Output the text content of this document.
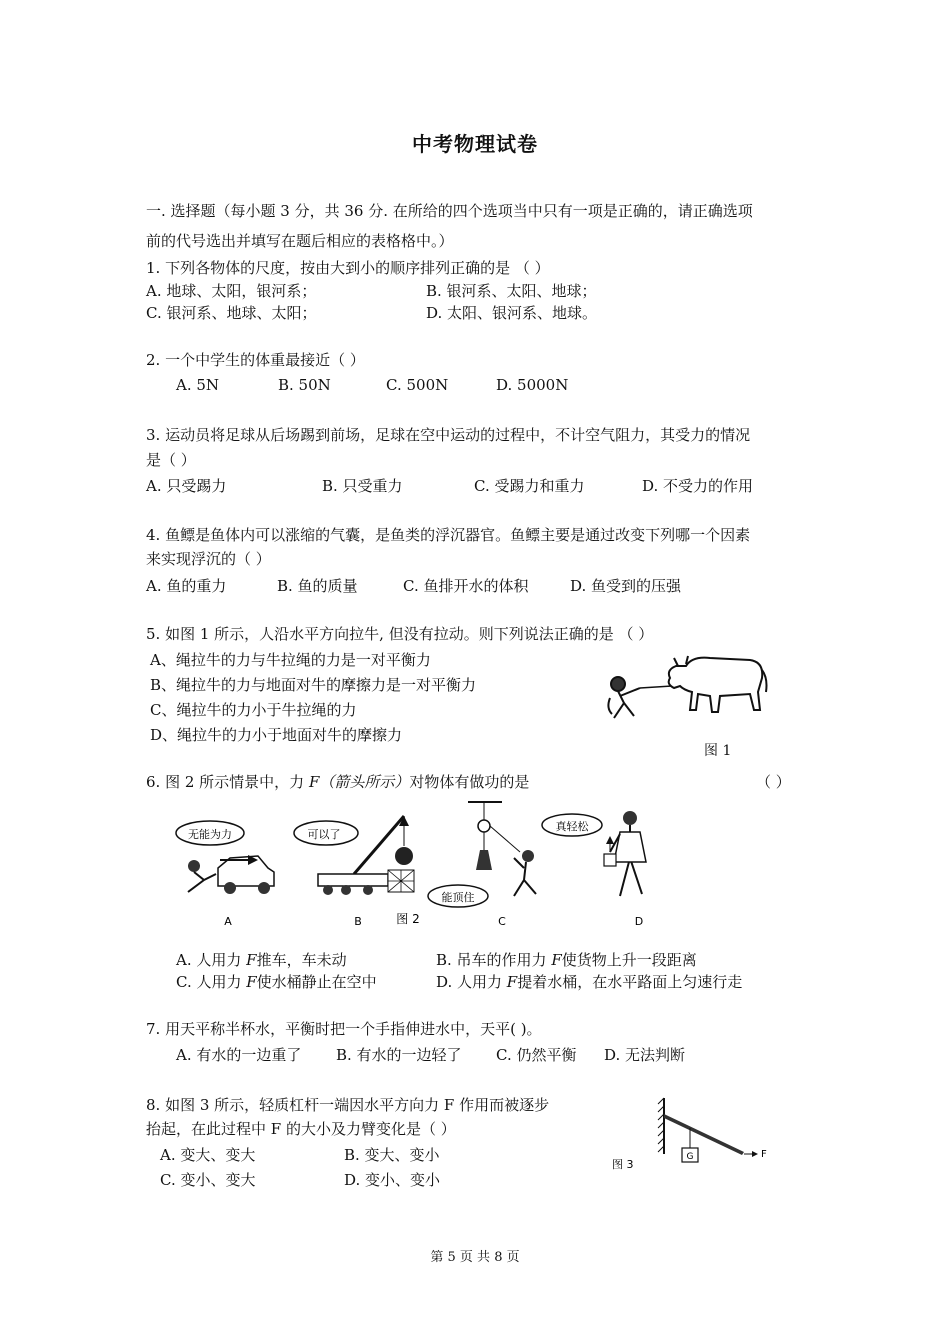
中考物理试卷
一. 选择题（每小题 3 分，共 36 分. 在所给的四个选项当中只有一项是正确的，请正确选项
前的代号选出并填写在题后相应的表格格中。）
1. 下列各物体的尺度，按由大到小的顺序排列正确的是 （ ）
A. 地球、太阳，银河系；	B. 银河系、太阳、地球；
C. 银河系、地球、太阳；	D. 太阳、银河系、地球。
2. 一个中学生的体重最接近（ ）
A. 5N	B. 50N	C. 500N	D. 5000N
3. 运动员将足球从后场踢到前场，足球在空中运动的过程中，不计空气阻力，其受力的情况
是（ ）
A. 只受踢力	B. 只受重力	C. 受踢力和重力	D. 不受力的作用
4. 鱼鳔是鱼体内可以涨缩的气囊，是鱼类的浮沉器官。鱼鳔主要是通过改变下列哪一个因素
来实现浮沉的（ ）
A. 鱼的重力	B. 鱼的质量	C. 鱼排开水的体积	D. 鱼受到的压强
5. 如图 1 所示，人沿水平方向拉牛, 但没有拉动。则下列说法正确的是 （ ）
A、绳拉牛的力与牛拉绳的力是一对平衡力
B、绳拉牛的力与地面对牛的摩擦力是一对平衡力
C、绳拉牛的力小于牛拉绳的力
D、绳拉牛的力小于地面对牛的摩擦力
图 1
6. 图 2 所示情景中，力 F（箭头所示）对物体有做功的是	（ ）
无能为力	可以了
真轻松
能顶住
A	B	图 2	C	D
A. 人用力 F推车，车未动	B. 吊车的作用力 F使货物上升一段距离
C. 人用力 F使水桶静止在空中	D. 人用力 F提着水桶，在水平路面上匀速行走
7. 用天平称半杯水，平衡时把一个手指伸进水中，天平( )。
A. 有水的一边重了 B. 有水的一边轻了 C. 仍然平衡 D. 无法判断
8. 如图 3 所示，轻质杠杆一端因水平方向力 F 作用而被逐步
抬起，在此过程中 F 的大小及力臂变化是（ ）
A. 变大、变大	B. 变大、变小
C. 变小、变大	D. 变小、变小
G	F
图 3
第 5 页 共 8 页
